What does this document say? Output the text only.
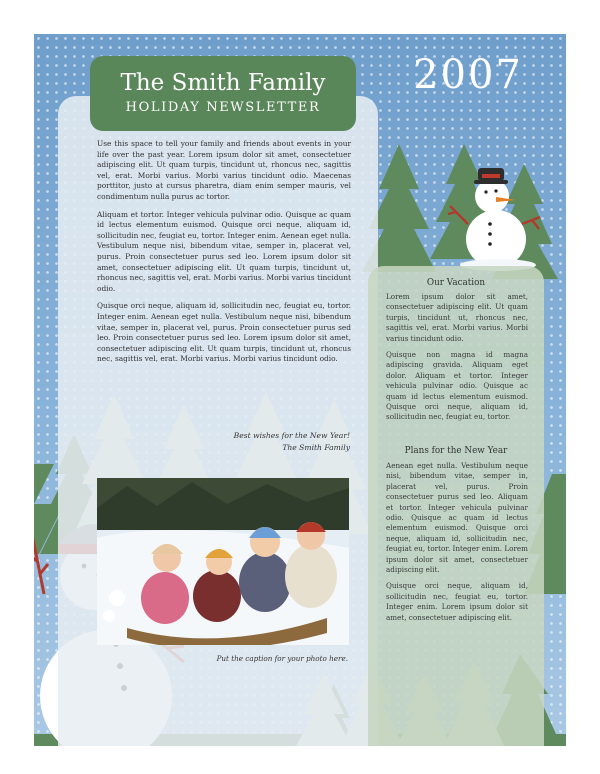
The Smith Family
HOLIDAY NEWSLETTER
2007

Use this space to tell your family and friends about events in your life over the past year. Lorem ipsum dolor sit amet, consectetuer adipiscing elit. Ut quam turpis, tincidunt ut, rhoncus nec, sagittis vel, erat. Morbi varius. Morbi varius tincidunt odio. Maecenas porttitor, justo at cursus pharetra, diam enim semper mauris, vel condimentum nulla purus ac tortor.

Aliquam et tortor. Integer vehicula pulvinar odio. Quisque ac quam id lectus elementum euismod. Quisque orci neque, aliquam id, sollicitudin nec, feugiat eu, tortor. Integer enim. Aenean eget nulla. Vestibulum neque nisi, bibendum vitae, semper in, placerat vel, purus. Proin consectetuer purus sed leo. Lorem ipsum dolor sit amet, consectetuer adipiscing elit. Ut quam turpis, tincidunt ut, rhoncus nec, sagittis vel, erat. Morbi varius. Morbi varius tincidunt odio.

Quisque orci neque, aliquam id, sollicitudin nec, feugiat eu, tortor. Integer enim. Aenean eget nulla. Vestibulum neque nisi, bibendum vitae, semper in, placerat vel, purus. Proin consectetuer purus sed leo. Proin consectetuer purus sed leo. Lorem ipsum dolor sit amet, consectetuer adipiscing elit. Ut quam turpis, tincidunt ut, rhoncus nec, sagittis vel, erat. Morbi varius. Morbi varius tincidunt odio.

Best wishes for the New Year!
The Smith Family
Put the caption for your photo here.
Our Vacation

Lorem ipsum dolor sit amet, consectetuer adipiscing elit. Ut quam turpis, tincidunt ut, rhoncus nec, sagittis vel, erat. Morbi varius. Morbi varius tincidunt odio.

Quisque non magna id magna adipiscing gravida. Aliquam eget dolor. Aliquam et tortor. Integer vehicula pulvinar odio. Quisque ac quam id lectus elementum euismod. Quisque orci neque, aliquam id, sollicitudin nec, feugiat eu, tortor.

Plans for the New Year

Aenean eget nulla. Vestibulum neque nisi, bibendum vitae, semper in, placerat vel, purus. Proin consectetuer purus sed leo. Aliquam et tortor. Integer vehicula pulvinar odio. Quisque ac quam id lectus elementum euismod. Quisque orci neque, aliquam id, sollicitudin nec, feugiat eu, tortor. Integer enim. Lorem ipsum dolor sit amet, consectetuer adipiscing elit.

Quisque orci neque, aliquam id, sollicitudin nec, feugiat eu, tortor. Integer enim. Lorem ipsum dolor sit amet, consectetuer adipiscing elit.
